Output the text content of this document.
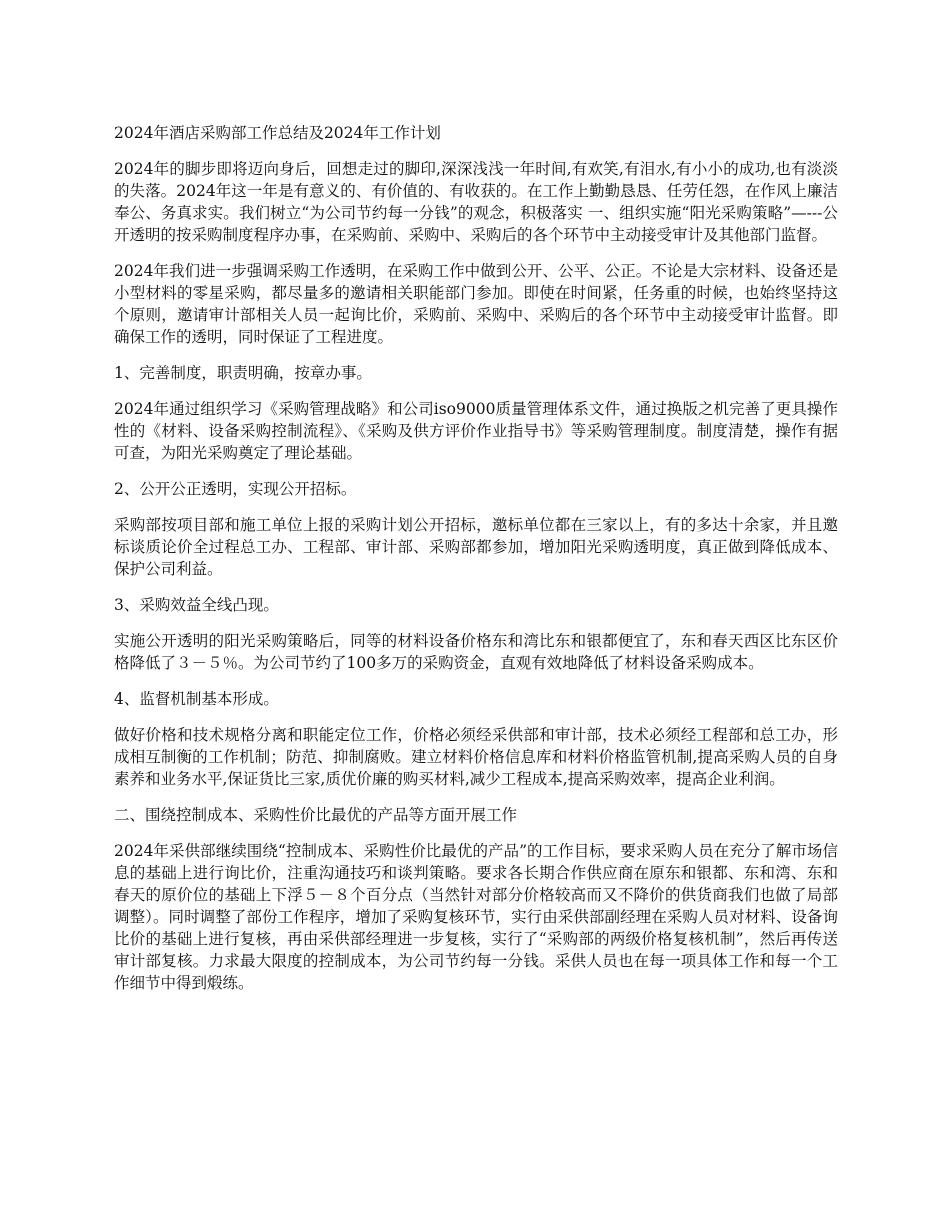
2024年酒店采购部工作总结及2024年工作计划

2024年的脚步即将迈向身后，回想走过的脚印,深深浅浅一年时间,有欢笑,有泪水,有小小的成功,也有淡淡的失落。2024年这一年是有意义的、有价值的、有收获的。在工作上勤勤恳恳、任劳任怨，在作风上廉洁奉公、务真求实。我们树立“为公司节约每一分钱”的观念，积极落实 一、组织实施“阳光采购策略”—---公开透明的按采购制度程序办事，在采购前、采购中、采购后的各个环节中主动接受审计及其他部门监督。

2024年我们进一步强调采购工作透明，在采购工作中做到公开、公平、公正。不论是大宗材料、设备还是小型材料的零星采购，都尽量多的邀请相关职能部门参加。即使在时间紧，任务重的时候，也始终坚持这个原则，邀请审计部相关人员一起询比价，采购前、采购中、采购后的各个环节中主动接受审计监督。即确保工作的透明，同时保证了工程进度。

1、完善制度，职责明确，按章办事。

2024年通过组织学习《采购管理战略》和公司iso9000质量管理体系文件，通过换版之机完善了更具操作性的《材料、设备采购控制流程》、《采购及供方评价作业指导书》等采购管理制度。制度清楚，操作有据可查，为阳光采购奠定了理论基础。

2、公开公正透明，实现公开招标。

采购部按项目部和施工单位上报的采购计划公开招标，邀标单位都在三家以上，有的多达十余家，并且邀标谈质论价全过程总工办、工程部、审计部、采购部都参加，增加阳光采购透明度，真正做到降低成本、保护公司利益。

3、采购效益全线凸现。

实施公开透明的阳光采购策略后，同等的材料设备价格东和湾比东和银都便宜了，东和春天西区比东区价格降低了３－５％。为公司节约了100多万的采购资金，直观有效地降低了材料设备采购成本。

4、监督机制基本形成。

做好价格和技术规格分离和职能定位工作，价格必须经采供部和审计部，技术必须经工程部和总工办，形成相互制衡的工作机制；防范、抑制腐败。建立材料价格信息库和材料价格监管机制,提高采购人员的自身素养和业务水平,保证货比三家,质优价廉的购买材料,减少工程成本,提高采购效率，提高企业利润。

二、围绕控制成本、采购性价比最优的产品等方面开展工作

2024年采供部继续围绕“控制成本、采购性价比最优的产品”的工作目标，要求采购人员在充分了解市场信息的基础上进行询比价，注重沟通技巧和谈判策略。要求各长期合作供应商在原东和银都、东和湾、东和春天的原价位的基础上下浮５－８个百分点（当然针对部分价格较高而又不降价的供货商我们也做了局部调整）。同时调整了部份工作程序，增加了采购复核环节，实行由采供部副经理在采购人员对材料、设备询比价的基础上进行复核，再由采供部经理进一步复核，实行了“采购部的两级价格复核机制”，然后再传送审计部复核。力求最大限度的控制成本，为公司节约每一分钱。采供人员也在每一项具体工作和每一个工作细节中得到煅练。
